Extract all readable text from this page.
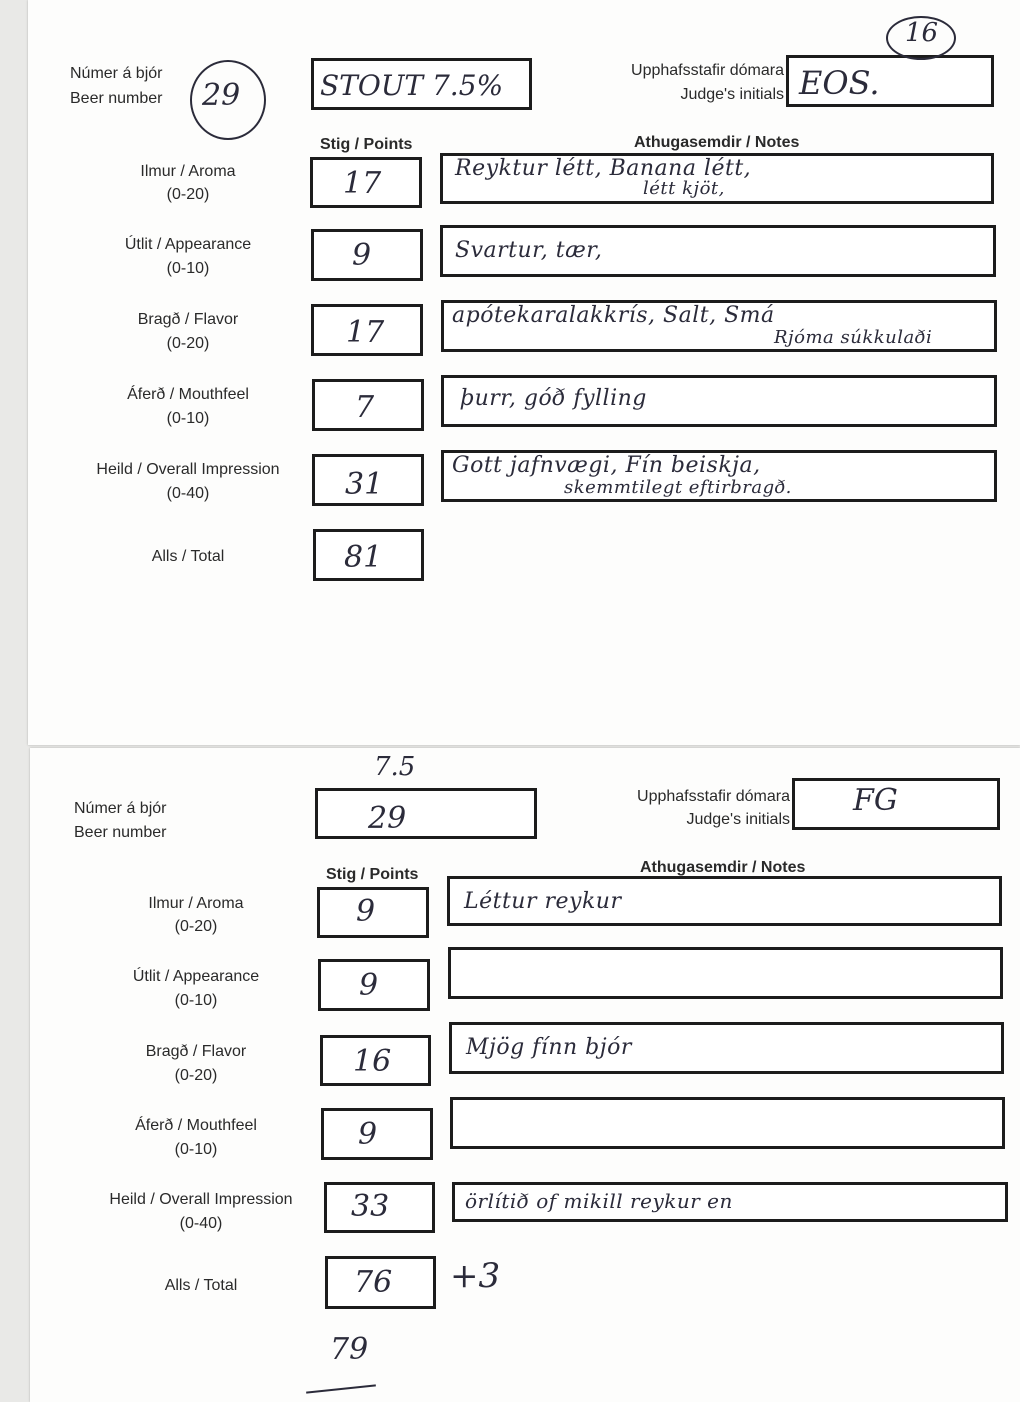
Númer á bjór
Beer number 29	STOUT 7.5%	Upphafsstafir dómara
Judge's initials EOS.
16
Stig / Points	Athugasemdir / Notes
Ilmur / Aroma
(0-20)	17	Reyktur létt, Banana létt,
létt kjöt,
Útlit / Appearance
(0-10)	9	Svartur, tær,
Bragð / Flavor
(0-20)	17	apótekaralakkrís, Salt, Smá
Rjóma súkkulaði
Áferð / Mouthfeel
(0-10)	7	þurr, góð fylling
Heild / Overall Impression
(0-40)	31
Gott jafnvægi, Fín beiskja,
skemmtilegt eftirbragð.
Alls / Total	81
7.5
Númer á bjór
Beer number	29
Upphafsstafir dómara
Judge's initials
FG
Stig / Points	Athugasemdir / Notes
Ilmur / Aroma
(0-20)	9	Léttur reykur
Útlit / Appearance
(0-10)	9
Bragð / Flavor
(0-20)	16	Mjög fínn bjór
Áferð / Mouthfeel
(0-10)	9
Heild / Overall Impression
(0-40)	33	örlítið of mikill reykur en
Alls / Total	76 +3
79
